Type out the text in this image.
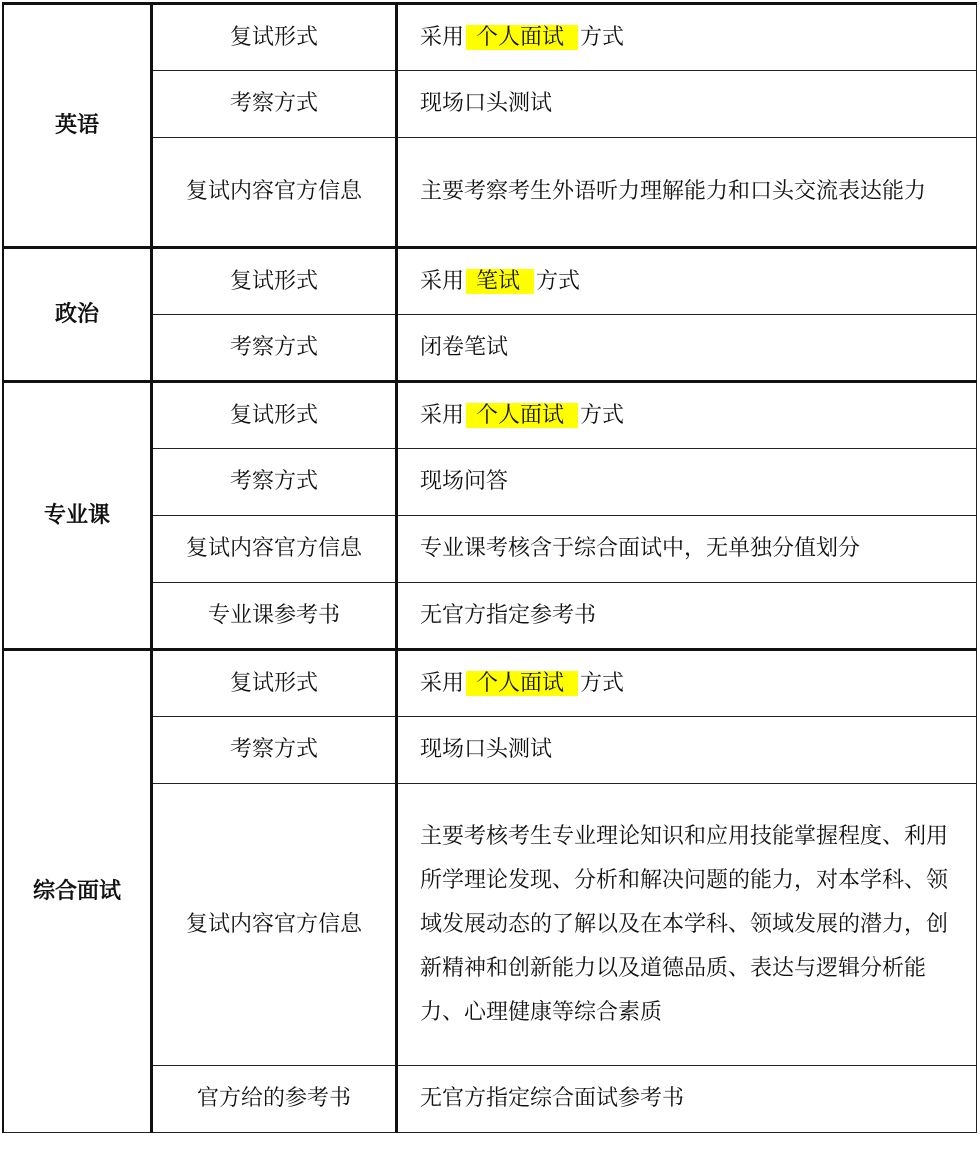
英语	复试形式	采用 个人面试 方式
	考察方式	现场口头测试
	复试内容官方信息	主要考察考生外语听力理解能力和口头交流表达能力
政治	复试形式	采用 笔试 方式
	考察方式	闭卷笔试
专业课	复试形式	采用 个人面试 方式
	考察方式	现场问答
	复试内容官方信息	专业课考核含于综合面试中，无单独分值划分
	专业课参考书	无官方指定参考书
综合面试	复试形式	采用 个人面试 方式
	考察方式	现场口头测试
	复试内容官方信息	主要考核考生专业理论知识和应用技能掌握程度、利用所学理论发现、分析和解决问题的能力，对本学科、领域发展动态的了解以及在本学科、领域发展的潜力，创新精神和创新能力以及道德品质、表达与逻辑分析能力、心理健康等综合素质
	官方给的参考书	无官方指定综合面试参考书
